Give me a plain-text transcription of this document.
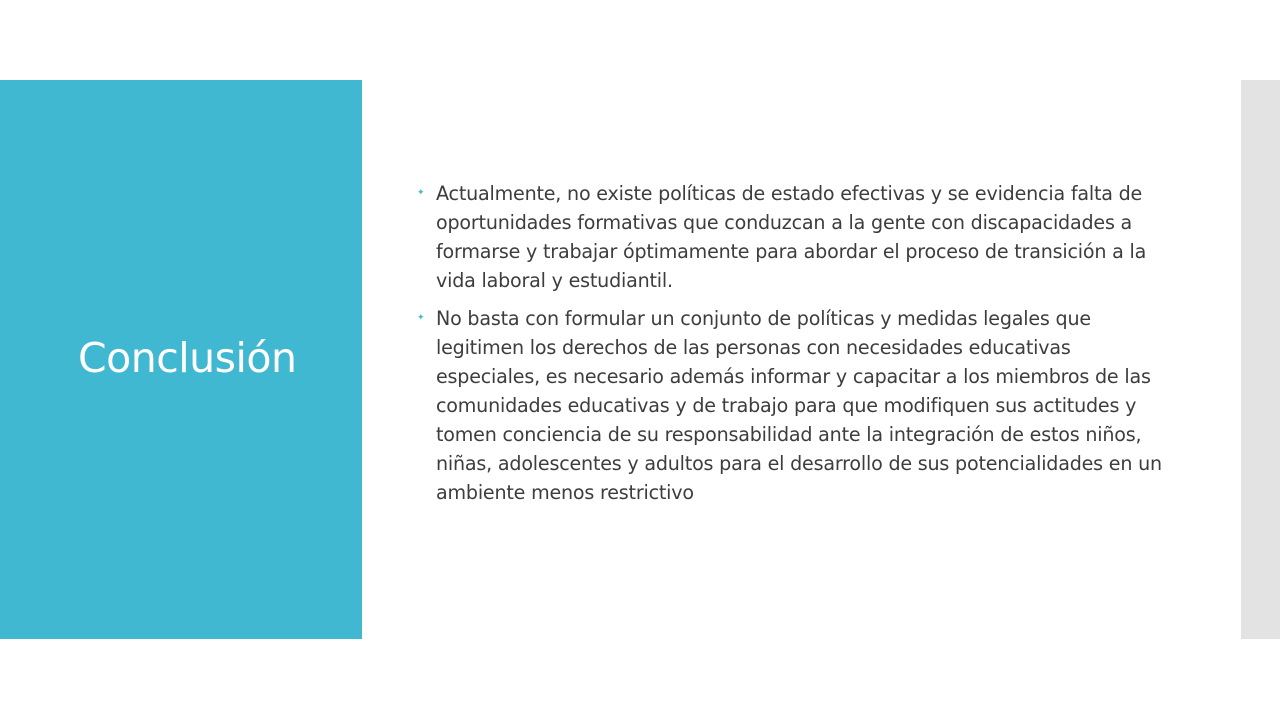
Conclusión
✦ Actualmente, no existe políticas de estado efectivas y se evidencia falta de oportunidades formativas que conduzcan a la gente con discapacidades a formarse y trabajar óptimamente para abordar el proceso de transición a la vida laboral y estudiantil.
✦ No basta con formular un conjunto de políticas y medidas legales que legitimen los derechos de las personas con necesidades educativas especiales, es necesario además informar y capacitar a los miembros de las comunidades educativas y de trabajo para que modifiquen sus actitudes y tomen conciencia de su responsabilidad ante la integración de estos niños, niñas, adolescentes y adultos para el desarrollo de sus potencialidades en un ambiente menos restrictivo
